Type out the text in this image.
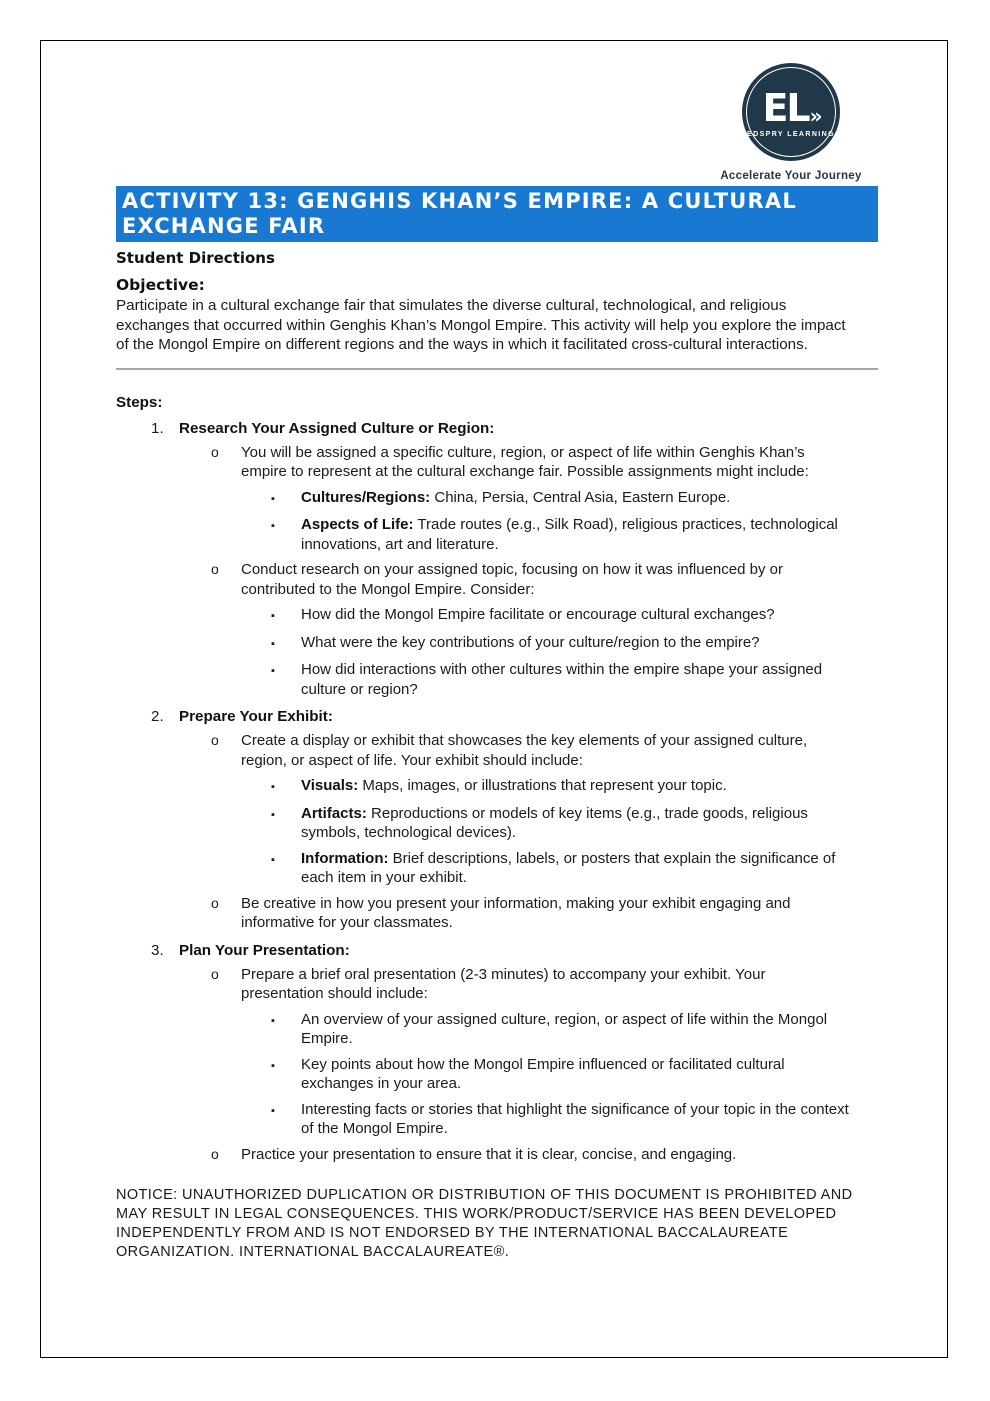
EL »
EDSPRY LEARNING
Accelerate Your Journey
ACTIVITY 13: GENGHIS KHAN’S EMPIRE: A CULTURAL EXCHANGE FAIR
Student Directions
Objective:
Participate in a cultural exchange fair that simulates the diverse cultural, technological, and religious exchanges that occurred within Genghis Khan’s Mongol Empire. This activity will help you explore the impact of the Mongol Empire on different regions and the ways in which it facilitated cross-cultural interactions.
Steps:
1.	Research Your Assigned Culture or Region:
o	You will be assigned a specific culture, region, or aspect of life within Genghis Khan’s empire to represent at the cultural exchange fair. Possible assignments might include:
▪	Cultures/Regions: China, Persia, Central Asia, Eastern Europe.
▪	Aspects of Life: Trade routes (e.g., Silk Road), religious practices, technological innovations, art and literature.
o	Conduct research on your assigned topic, focusing on how it was influenced by or contributed to the Mongol Empire. Consider:
▪	How did the Mongol Empire facilitate or encourage cultural exchanges?
▪	What were the key contributions of your culture/region to the empire?
▪	How did interactions with other cultures within the empire shape your assigned culture or region?
2.	Prepare Your Exhibit:
o	Create a display or exhibit that showcases the key elements of your assigned culture, region, or aspect of life. Your exhibit should include:
▪	Visuals: Maps, images, or illustrations that represent your topic.
▪	Artifacts: Reproductions or models of key items (e.g., trade goods, religious symbols, technological devices).
▪	Information: Brief descriptions, labels, or posters that explain the significance of each item in your exhibit.
o	Be creative in how you present your information, making your exhibit engaging and informative for your classmates.
3.	Plan Your Presentation:
o	Prepare a brief oral presentation (2-3 minutes) to accompany your exhibit. Your presentation should include:
▪	An overview of your assigned culture, region, or aspect of life within the Mongol Empire.
▪	Key points about how the Mongol Empire influenced or facilitated cultural exchanges in your area.
▪	Interesting facts or stories that highlight the significance of your topic in the context of the Mongol Empire.
o	Practice your presentation to ensure that it is clear, concise, and engaging.
NOTICE: UNAUTHORIZED DUPLICATION OR DISTRIBUTION OF THIS DOCUMENT IS PROHIBITED AND MAY RESULT IN LEGAL CONSEQUENCES. THIS WORK/PRODUCT/SERVICE HAS BEEN DEVELOPED INDEPENDENTLY FROM AND IS NOT ENDORSED BY THE INTERNATIONAL BACCALAUREATE ORGANIZATION. INTERNATIONAL BACCALAUREATE®.
